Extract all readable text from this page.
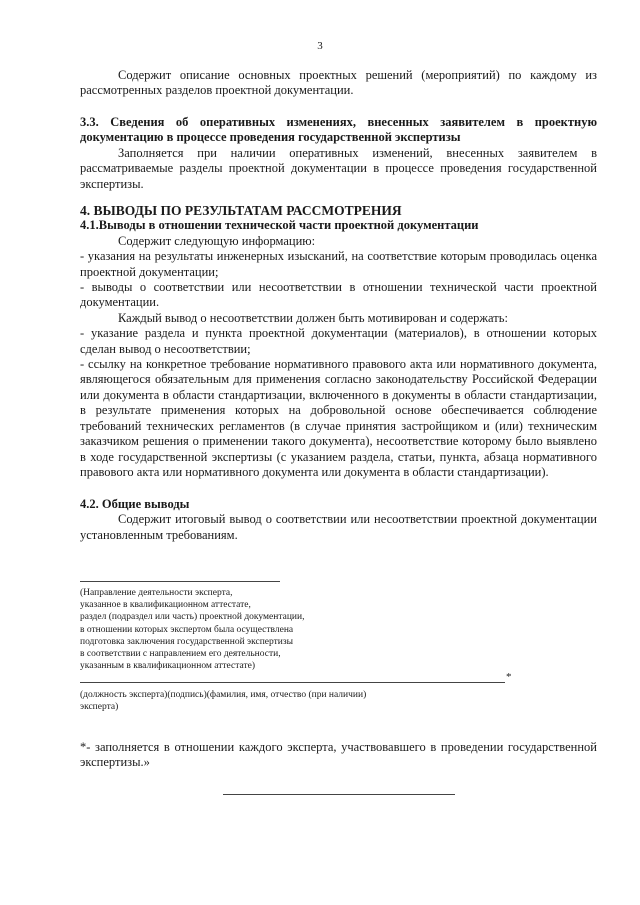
3

Содержит описание основных проектных решений (мероприятий) по каждому из рассмотренных разделов проектной документации.

3.3. Сведения об оперативных изменениях, внесенных заявителем в проектную документацию в процессе проведения государственной экспертизы

Заполняется при наличии оперативных изменений, внесенных заявителем в рассматриваемые разделы проектной документации в процессе проведения государственной экспертизы.

4. ВЫВОДЫ ПО РЕЗУЛЬТАТАМ РАССМОТРЕНИЯ

4.1.Выводы в отношении технической части проектной документации

Содержит следующую информацию:

- указания на результаты инженерных изысканий, на соответствие которым проводилась оценка проектной документации;

- выводы о соответствии или несоответствии в отношении технической части проектной документации.

Каждый вывод о несоответствии должен быть мотивирован и содержать:

- указание раздела и пункта проектной документации (материалов), в отношении которых сделан вывод о несоответствии;

- ссылку на конкретное требование нормативного правового акта или нормативного документа, являющегося обязательным для применения согласно законодательству Российской Федерации или документа в области стандартизации, включенного в документы в области стандартизации, в результате применения которых на добровольной основе обеспечивается соблюдение требований технических регламентов (в случае принятия застройщиком и (или) техническим заказчиком решения о применении такого документа), несоответствие которому было выявлено в ходе государственной экспертизы (с указанием раздела, статьи, пункта, абзаца нормативного правового акта или нормативного документа или документа в области стандартизации).

4.2. Общие выводы

Содержит итоговый вывод о соответствии или несоответствии проектной документации установленным требованиям.

(Направление деятельности эксперта,
указанное в квалификационном аттестате,
раздел (подраздел или часть) проектной документации,
в отношении которых экспертом была осуществлена
подготовка заключения государственной экспертизы
в соответствии с направлением его деятельности,
указанным в квалификационном аттестате)
*
(должность эксперта)(подпись)(фамилия, имя, отчество (при наличии)
эксперта)

*- заполняется в отношении каждого эксперта, участвовавшего в проведении государственной экспертизы.»
